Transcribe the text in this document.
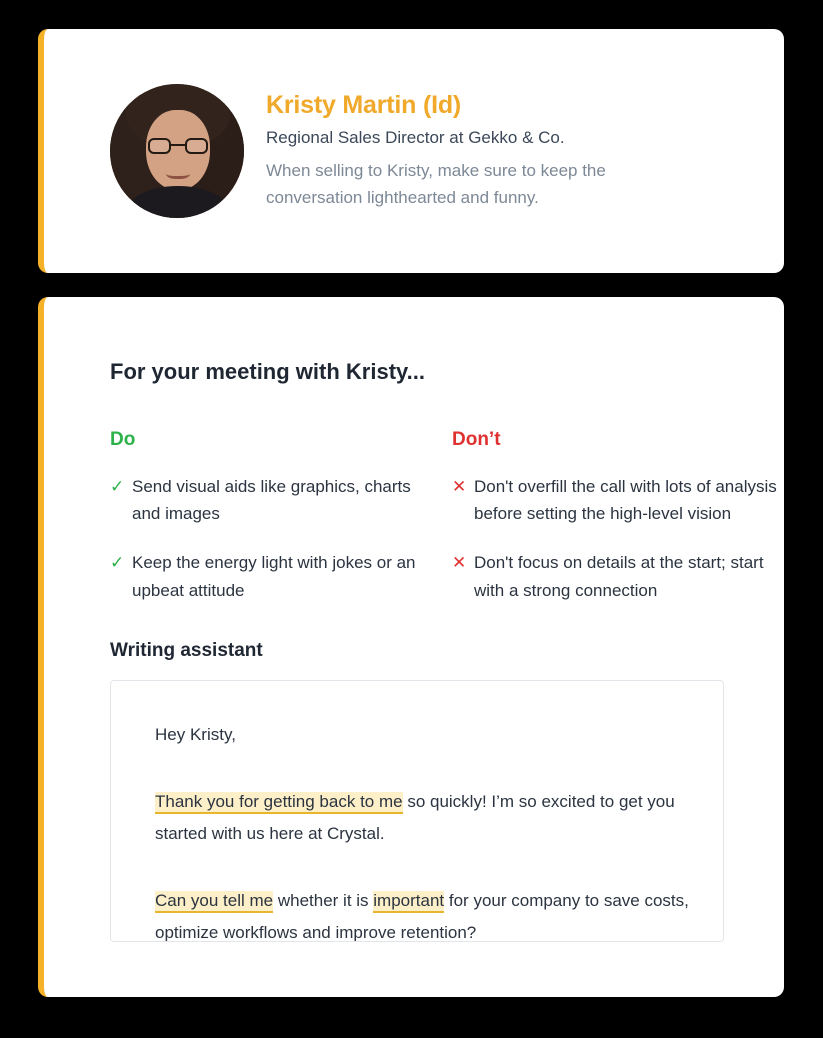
Kristy Martin (Id)

Regional Sales Director at Gekko & Co.

When selling to Kristy, make sure to keep the conversation lighthearted and funny.

For your meeting with Kristy...
Do
✓ Send visual aids like graphics, charts and images
✓ Keep the energy light with jokes or an upbeat attitude
Don’t
✕ Don't overfill the call with lots of analysis before setting the high-level vision
✕ Don't focus on details at the start; start with a strong connection
Writing assistant

Hey Kristy,

Thank you for getting back to me so quickly! I’m so excited to get you started with us here at Crystal.

Can you tell me whether it is important for your company to save costs, optimize workflows and improve retention?
